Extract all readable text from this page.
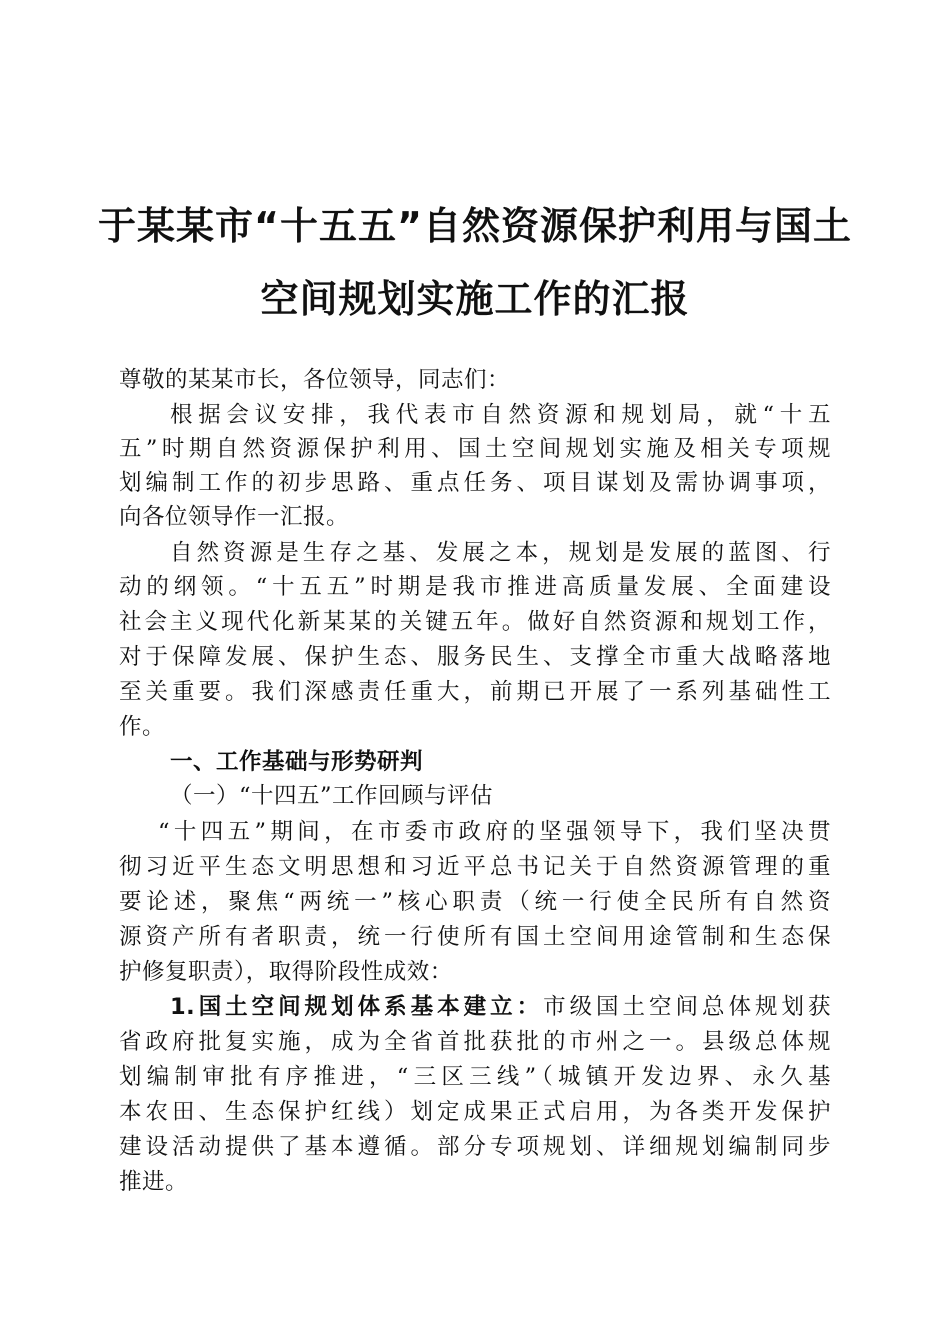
于某某市“十五五”自然资源保护利用与国土
空间规划实施工作的汇报
尊敬的某某市长，各位领导，同志们：
根据会议安排，我代表市自然资源和规划局，就“十五
五”时期自然资源保护利用、国土空间规划实施及相关专项规
划编制工作的初步思路、重点任务、项目谋划及需协调事项，
向各位领导作一汇报。
自然资源是生存之基、发展之本，规划是发展的蓝图、行
动的纲领。“十五五”时期是我市推进高质量发展、全面建设
社会主义现代化新某某的关键五年。做好自然资源和规划工作，
对于保障发展、保护生态、服务民生、支撑全市重大战略落地
至关重要。我们深感责任重大，前期已开展了一系列基础性工
作。
一、工作基础与形势研判
（一）“十四五”工作回顾与评估
“十四五”期间，在市委市政府的坚强领导下，我们坚决贯
彻习近平生态文明思想和习近平总书记关于自然资源管理的重
要论述，聚焦“两统一”核心职责（统一行使全民所有自然资
源资产所有者职责，统一行使所有国土空间用途管制和生态保
护修复职责），取得阶段性成效：
1.国土空间规划体系基本建立：市级国土空间总体规划获
省政府批复实施，成为全省首批获批的市州之一。县级总体规
划编制审批有序推进，“三区三线”（城镇开发边界、永久基
本农田、生态保护红线）划定成果正式启用，为各类开发保护
建设活动提供了基本遵循。部分专项规划、详细规划编制同步
推进。
